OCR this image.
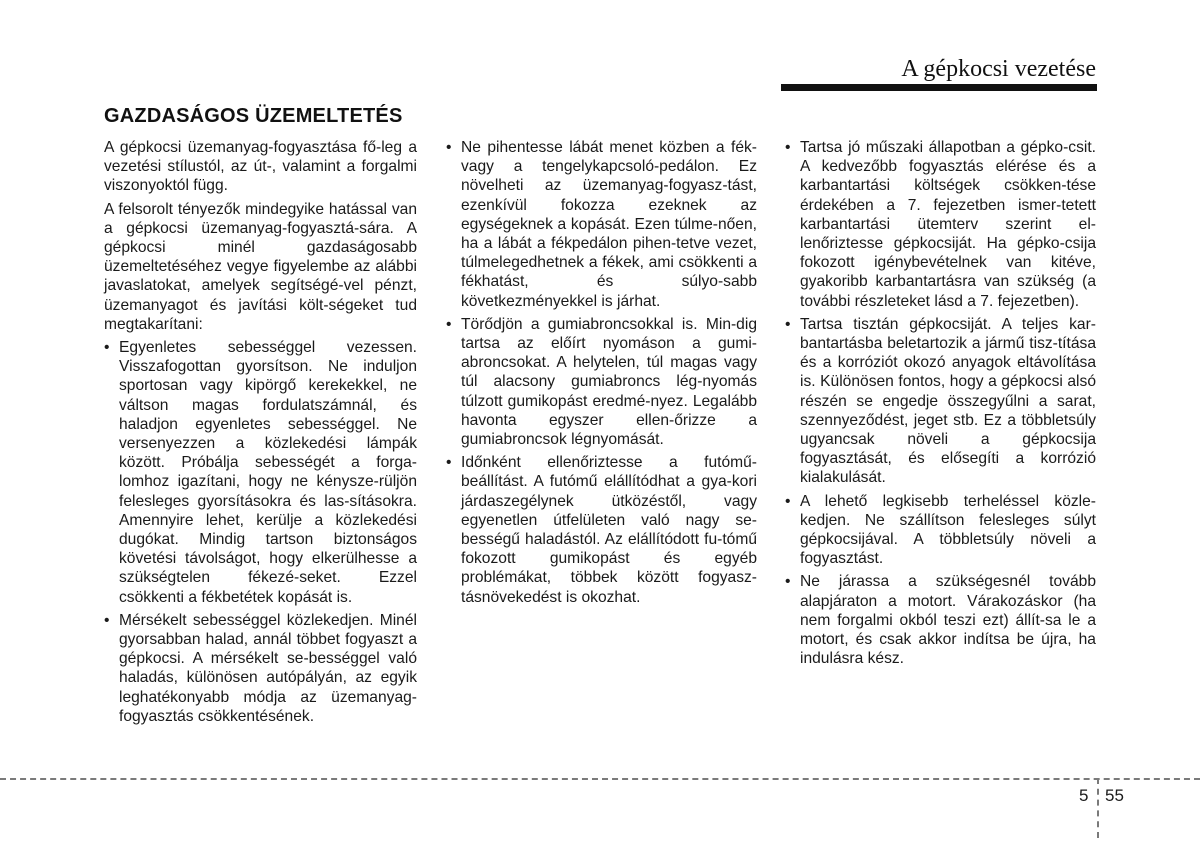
A gépkocsi vezetése
GAZDASÁGOS ÜZEMELTETÉS

A gépkocsi üzemanyag-fogyasztása fő-leg a vezetési stílustól, az út-, valamint a forgalmi viszonyoktól függ.

A felsorolt tényezők mindegyike hatással van a gépkocsi üzemanyag-fogyasztá-sára. A gépkocsi minél gazdaságosabb üzemeltetéséhez vegye figyelembe az alábbi javaslatokat, amelyek segítségé-vel pénzt, üzemanyagot és javítási költ-ségeket tud megtakarítani:

• Egyenletes sebességgel vezessen. Visszafogottan gyorsítson. Ne induljon sportosan vagy kipörgő kerekekkel, ne váltson magas fordulatszámnál, és haladjon egyenletes sebességgel. Ne versenyezzen a közlekedési lámpák között. Próbálja sebességét a forga-lomhoz igazítani, hogy ne kénysze-rüljön felesleges gyorsításokra és las-sításokra. Amennyire lehet, kerülje a közlekedési dugókat. Mindig tartson biztonságos követési távolságot, hogy elkerülhesse a szükségtelen fékezé-seket. Ezzel csökkenti a fékbetétek kopását is.
• Mérsékelt sebességgel közlekedjen. Minél gyorsabban halad, annál többet fogyaszt a gépkocsi. A mérsékelt se-bességgel való haladás, különösen autópályán, az egyik leghatékonyabb módja az üzemanyag-fogyasztás csökkentésének.
• Ne pihentesse lábát menet közben a fék- vagy a tengelykapcsoló-pedálon. Ez növelheti az üzemanyag-fogyasz-tást, ezenkívül fokozza ezeknek az egységeknek a kopását. Ezen túlme-nően, ha a lábát a fékpedálon pihen-tetve vezet, túlmelegedhetnek a fékek, ami csökkenti a fékhatást, és súlyo-sabb következményekkel is járhat.
• Törődjön a gumiabroncsokkal is. Min-dig tartsa az előírt nyomáson a gumi-abroncsokat. A helytelen, túl magas vagy túl alacsony gumiabroncs lég-nyomás túlzott gumikopást eredmé-nyez. Legalább havonta egyszer ellen-őrizze a gumiabroncsok légnyomását.
• Időnként ellenőriztesse a futómű-beállítást. A futómű elállítódhat a gya-kori járdaszegélynek ütközéstől, vagy egyenetlen útfelületen való nagy se-bességű haladástól. Az elállítódott fu-tómű fokozott gumikopást és egyéb problémákat, többek között fogyasz-tásnövekedést is okozhat.
• Tartsa jó műszaki állapotban a gépko-csit. A kedvezőbb fogyasztás elérése és a karbantartási költségek csökken-tése érdekében a 7. fejezetben ismer-tetett karbantartási ütemterv szerint el-lenőriztesse gépkocsiját. Ha gépko-csija fokozott igénybevételnek van kitéve, gyakoribb karbantartásra van szükség (a további részleteket lásd a 7. fejezetben).
• Tartsa tisztán gépkocsiját. A teljes kar-bantartásba beletartozik a jármű tisz-títása és a korróziót okozó anyagok eltávolítása is. Különösen fontos, hogy a gépkocsi alsó részén se engedje összegyűlni a sarat, szennyeződést, jeget stb. Ez a többletsúly ugyancsak növeli a gépkocsija fogyasztását, és elősegíti a korrózió kialakulását.
• A lehető legkisebb terheléssel közle-kedjen. Ne szállítson felesleges súlyt gépkocsijával. A többletsúly növeli a fogyasztást.
• Ne járassa a szükségesnél tovább alapjáraton a motort. Várakozáskor (ha nem forgalmi okból teszi ezt) állít-sa le a motort, és csak akkor indítsa be újra, ha indulásra kész.
5 55
